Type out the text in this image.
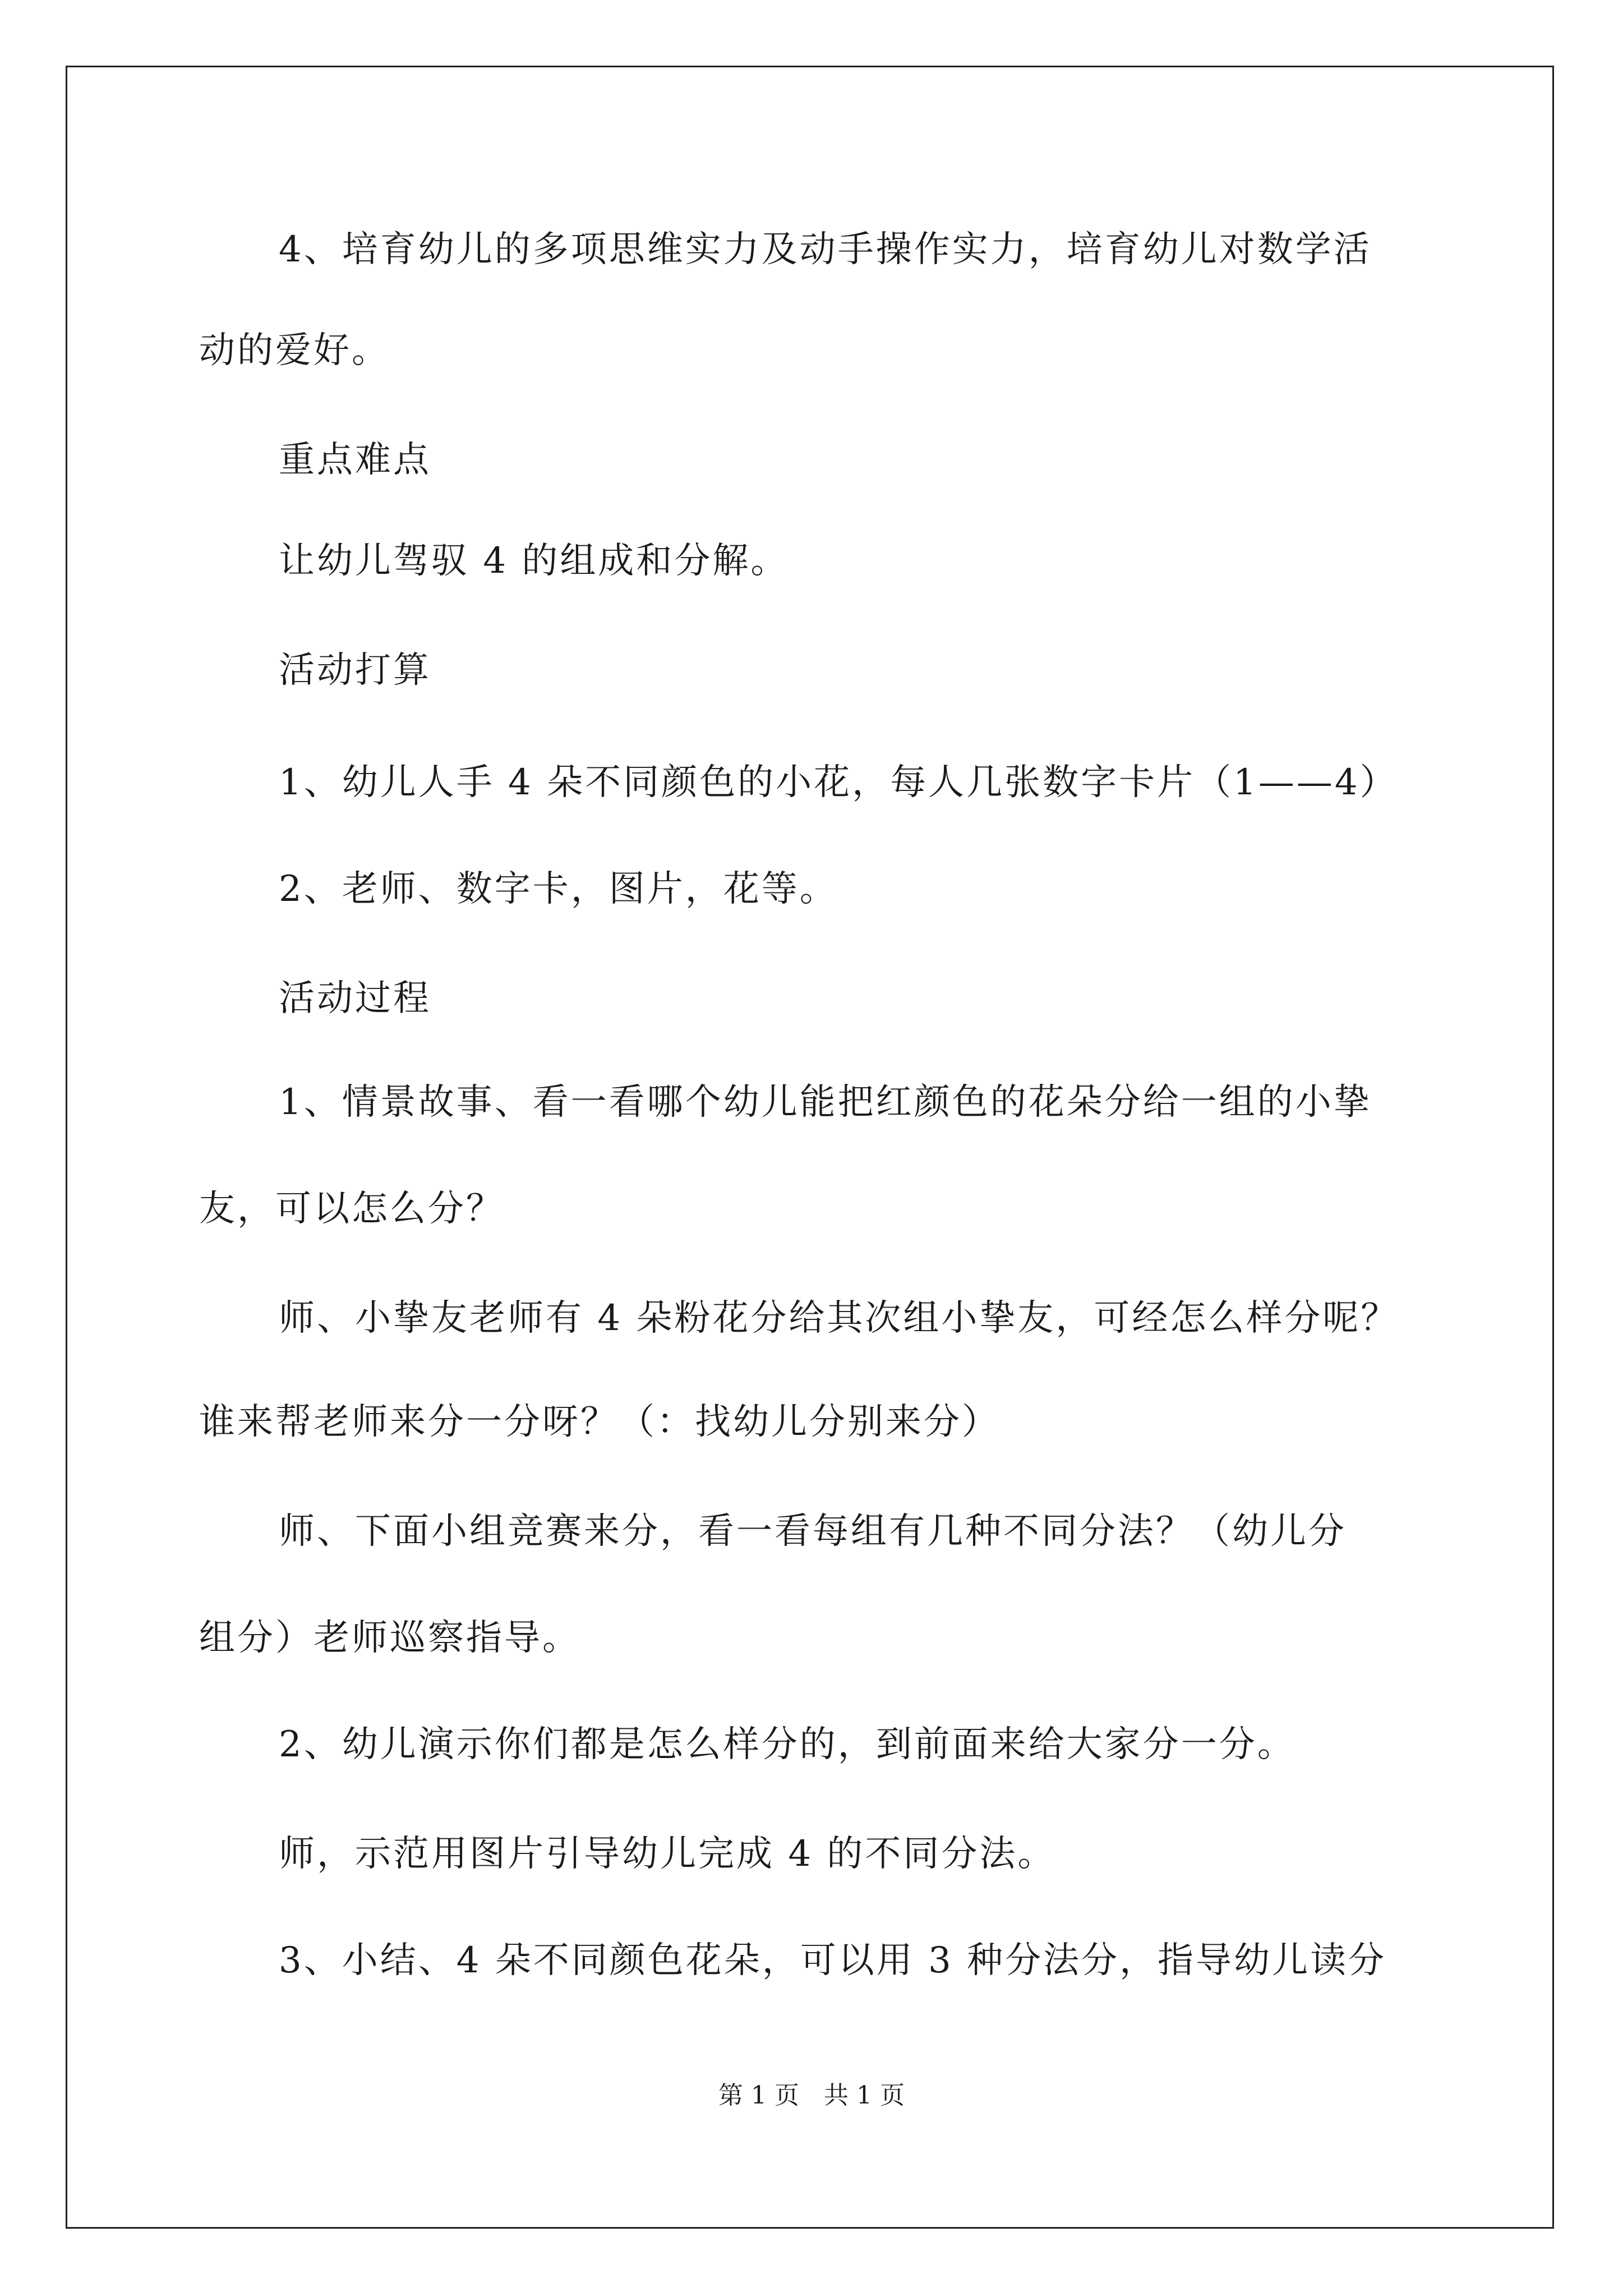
4、培育幼儿的多项思维实力及动手操作实力，培育幼儿对数学活

动的爱好。

重点难点

让幼儿驾驭 4 的组成和分解。

活动打算

1、幼儿人手 4 朵不同颜色的小花，每人几张数字卡片（1——4）

2、老师、数字卡，图片，花等。

活动过程

1、情景故事、看一看哪个幼儿能把红颜色的花朵分给一组的小挚

友，可以怎么分？

师、小挚友老师有 4 朵粉花分给其次组小挚友，可经怎么样分呢？

谁来帮老师来分一分呀？（：找幼儿分别来分）

师、下面小组竞赛来分，看一看每组有几种不同分法？（幼儿分

组分）老师巡察指导。

2、幼儿演示你们都是怎么样分的，到前面来给大家分一分。

师，示范用图片引导幼儿完成 4 的不同分法。

3、小结、4 朵不同颜色花朵，可以用 3 种分法分，指导幼儿读分

第 1 页　共 1 页
